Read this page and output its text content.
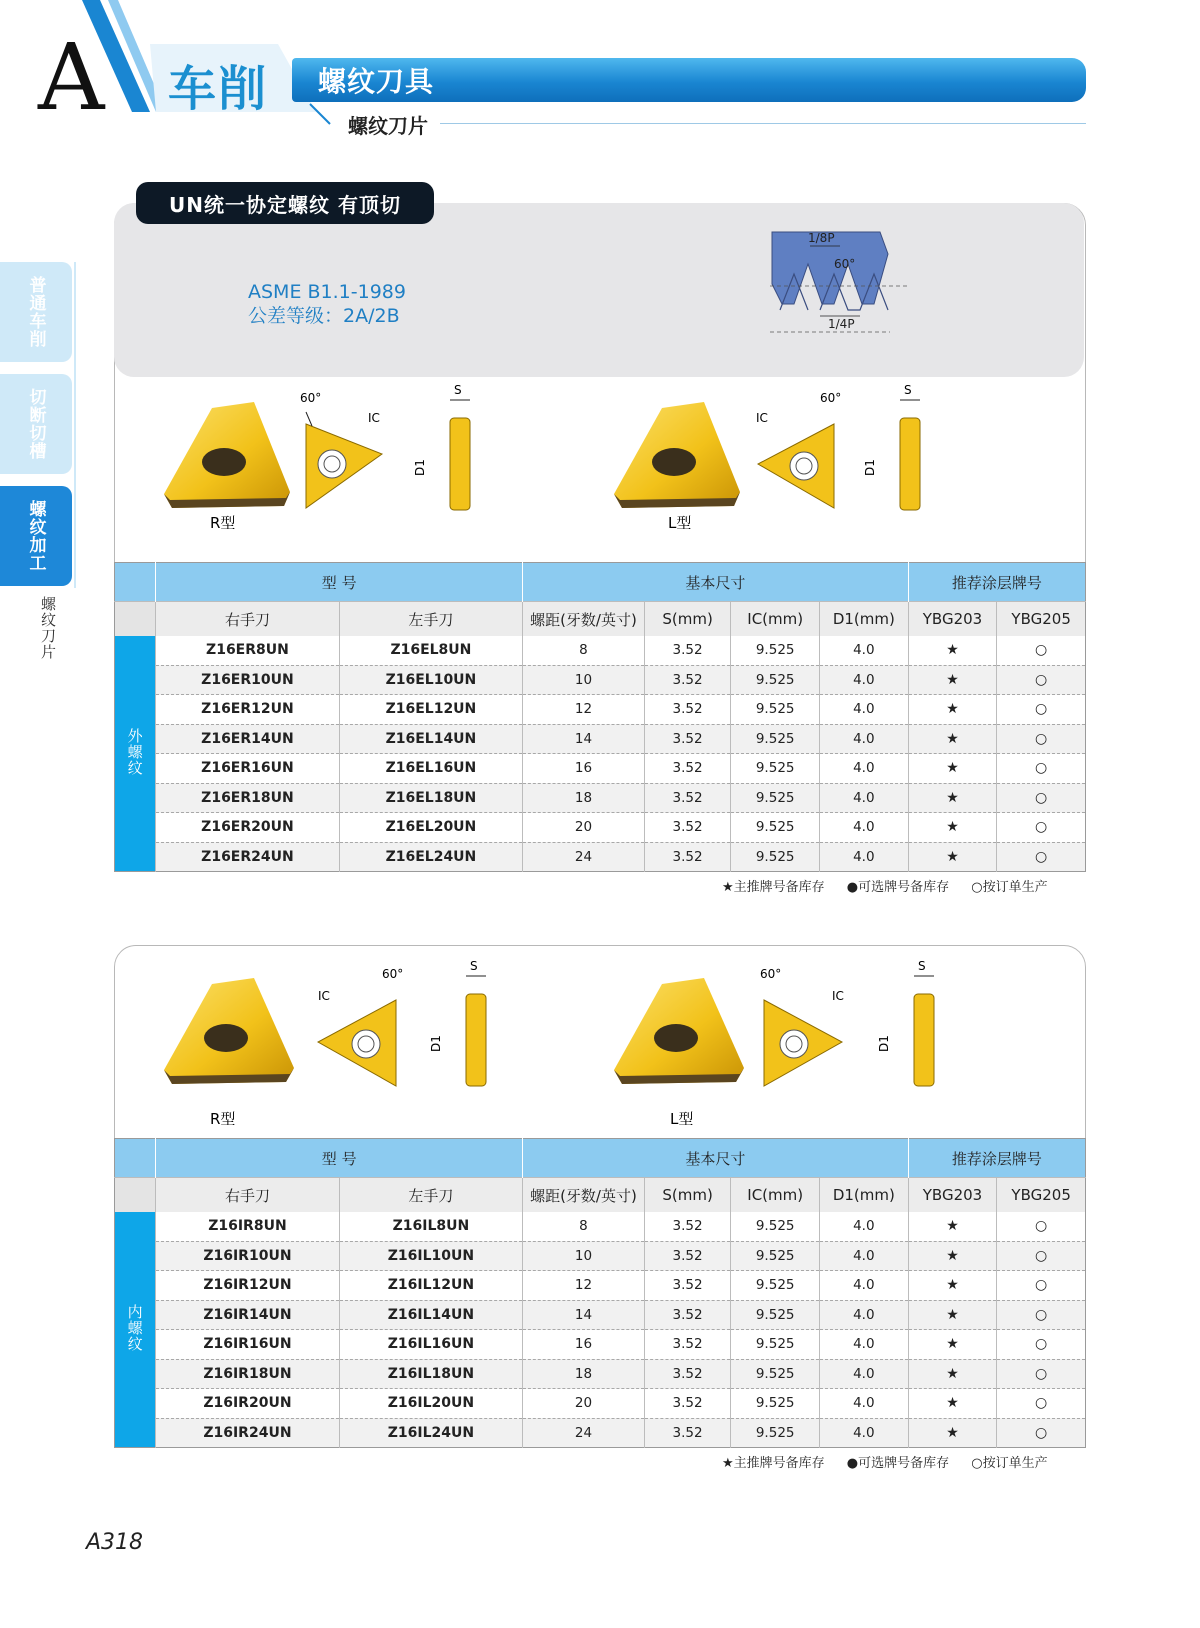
A 车削 螺纹刀具
螺纹刀片
普通车削
切断切槽
螺纹加工
螺纹刀片
UN统一协定螺纹 有顶切
ASME B1.1-1989
公差等级：2A/2B
1/8P
60°
1/4P
60°
IC
S
D1
R型
60°
IC
S
D1
L型
	型 号		基本尺寸				推荐涂层牌号	
	右手刀	左手刀	螺距(牙数/英寸)	S(mm)	IC(mm)	D1(mm)	YBG203	YBG205
外螺纹	Z16ER8UN	Z16EL8UN	8	3.52	9.525	4.0	★	○
	Z16ER10UN	Z16EL10UN	10	3.52	9.525	4.0	★	○
	Z16ER12UN	Z16EL12UN	12	3.52	9.525	4.0	★	○
	Z16ER14UN	Z16EL14UN	14	3.52	9.525	4.0	★	○
	Z16ER16UN	Z16EL16UN	16	3.52	9.525	4.0	★	○
	Z16ER18UN	Z16EL18UN	18	3.52	9.525	4.0	★	○
	Z16ER20UN	Z16EL20UN	20	3.52	9.525	4.0	★	○
	Z16ER24UN	Z16EL24UN	24	3.52	9.525	4.0	★	○
★主推牌号备库存 ●可选牌号备库存 ○按订单生产
60°
IC
S
D1
R型
60°
IC
S
D1
L型
	型 号		基本尺寸				推荐涂层牌号	
	右手刀	左手刀	螺距(牙数/英寸)	S(mm)	IC(mm)	D1(mm)	YBG203	YBG205
内螺纹	Z16IR8UN	Z16IL8UN	8	3.52	9.525	4.0	★	○
	Z16IR10UN	Z16IL10UN	10	3.52	9.525	4.0	★	○
	Z16IR12UN	Z16IL12UN	12	3.52	9.525	4.0	★	○
	Z16IR14UN	Z16IL14UN	14	3.52	9.525	4.0	★	○
	Z16IR16UN	Z16IL16UN	16	3.52	9.525	4.0	★	○
	Z16IR18UN	Z16IL18UN	18	3.52	9.525	4.0	★	○
	Z16IR20UN	Z16IL20UN	20	3.52	9.525	4.0	★	○
	Z16IR24UN	Z16IL24UN	24	3.52	9.525	4.0	★	○
★主推牌号备库存 ●可选牌号备库存 ○按订单生产
A318
